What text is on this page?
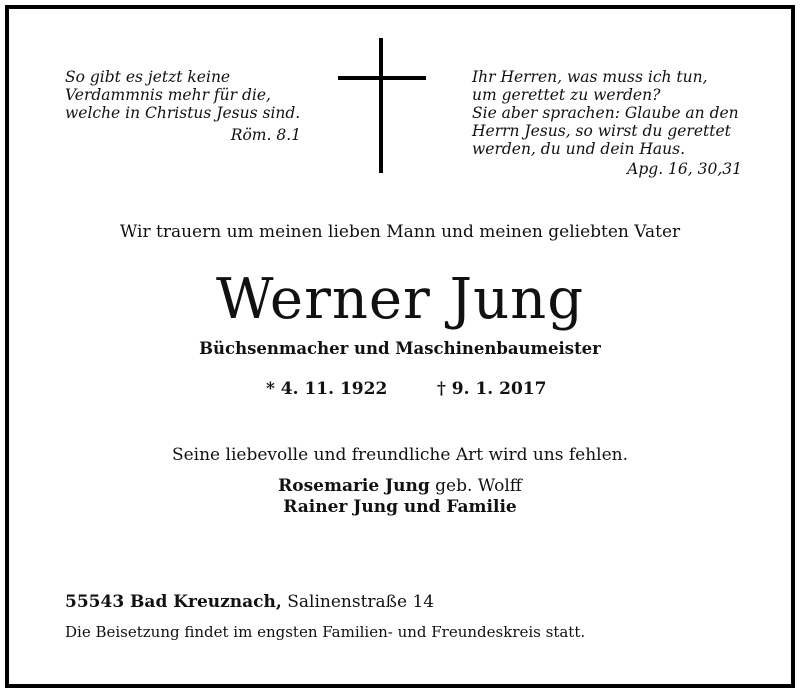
So gibt es jetzt keine
Verdammnis mehr für die,
welche in Christus Jesus sind.
Röm. 8.1
Ihr Herren, was muss ich tun,
um gerettet zu werden?
Sie aber sprachen: Glaube an den
Herrn Jesus, so wirst du gerettet
werden, du und dein Haus.
Apg. 16, 30,31
Wir trauern um meinen lieben Mann und meinen geliebten Vater
Werner Jung
Büchsenmacher und Maschinenbaumeister
* 4. 11. 1922	† 9. 1. 2017
Seine liebevolle und freundliche Art wird uns fehlen.
Rosemarie Jung geb. Wolff
Rainer Jung und Familie
55543 Bad Kreuznach, Salinenstraße 14
Die Beisetzung findet im engsten Familien- und Freundeskreis statt.
